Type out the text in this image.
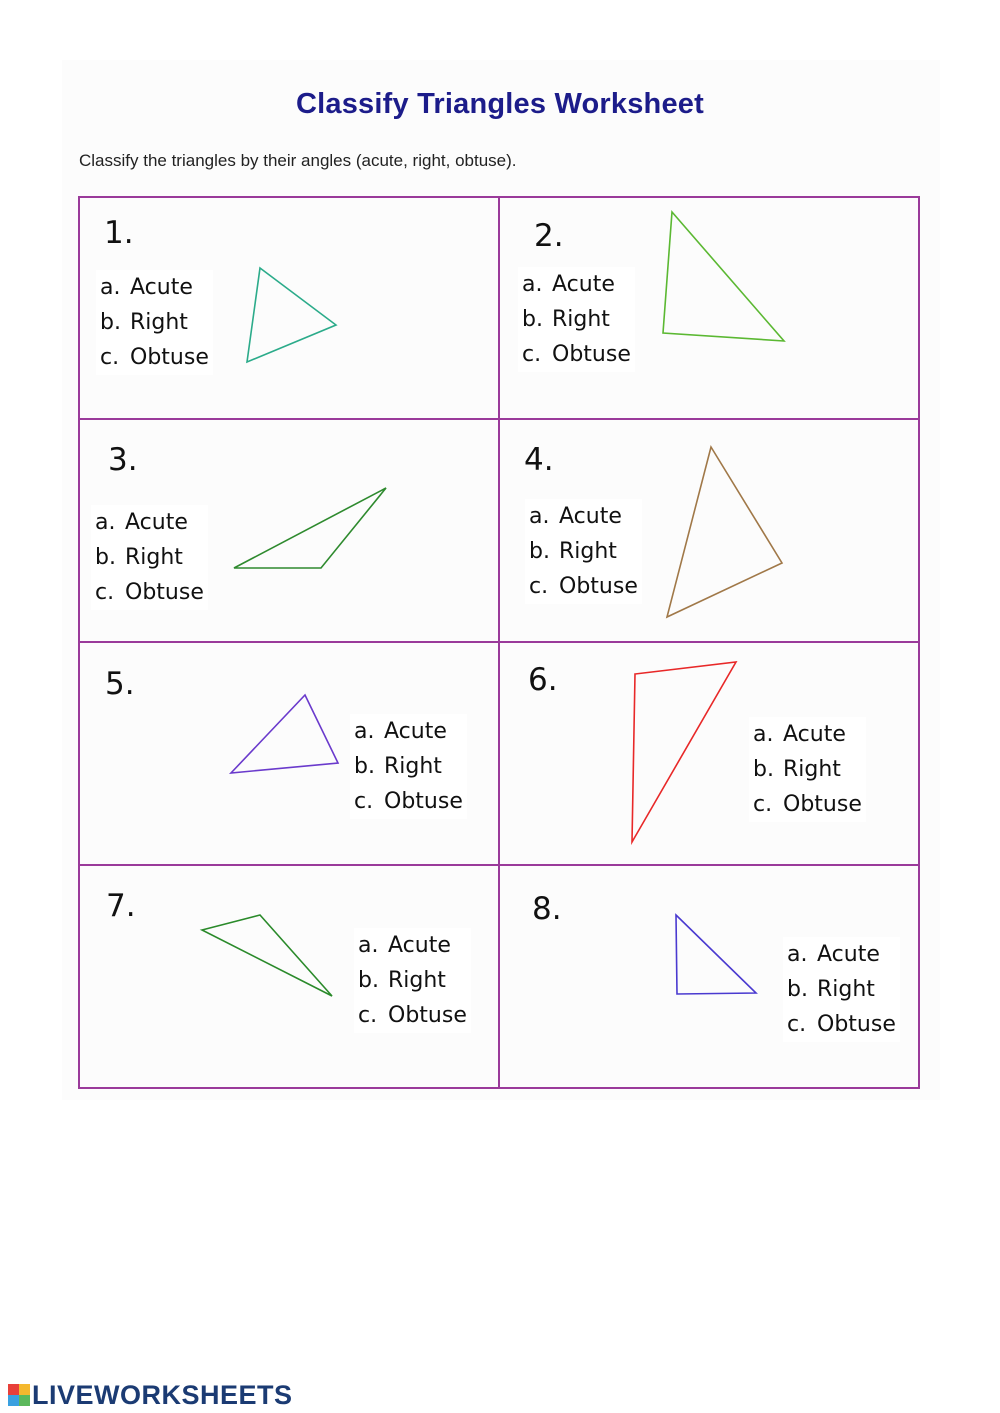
Classify Triangles Worksheet
Classify the triangles by their angles (acute, right, obtuse).
1.	2.
3.	4.
5.	6.
7.	8.
a. Acute
b. Right
c. Obtuse
a. Acute
b. Right
c. Obtuse
a. Acute
b. Right
c. Obtuse
a. Acute
b. Right
c. Obtuse
a. Acute
b. Right
c. Obtuse
a. Acute
b. Right
c. Obtuse
a. Acute
b. Right
c. Obtuse
a. Acute
b. Right
c. Obtuse
LIVEWORKSHEETS
